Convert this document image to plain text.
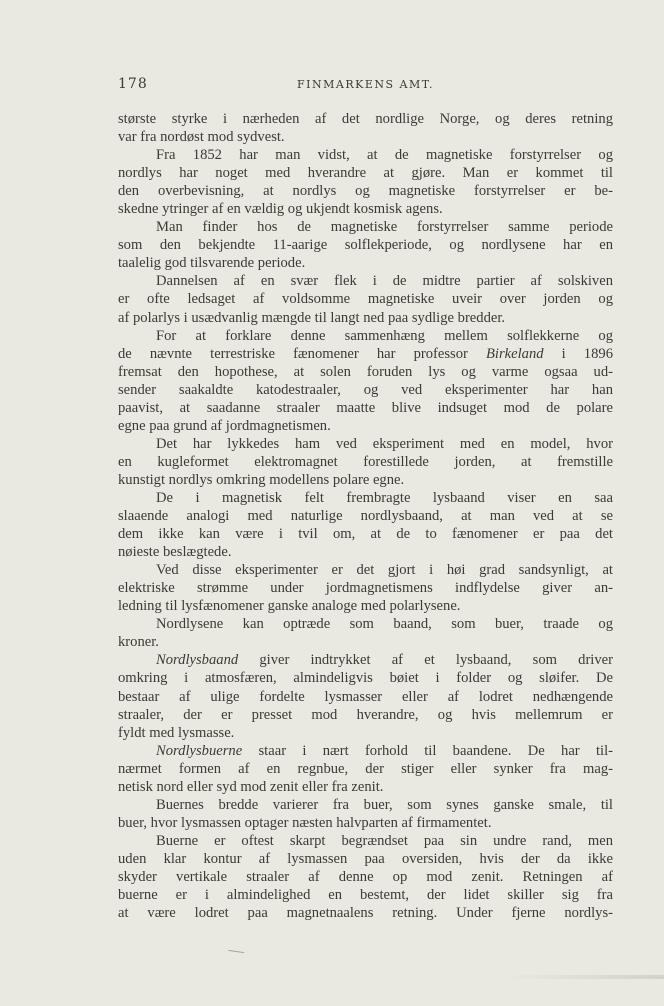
178	FINMARKENS AMT.
største styrke i nærheden af det nordlige Norge, og deres retning
var fra nordøst mod sydvest.
Fra 1852 har man vidst, at de magnetiske forstyrrelser og
nordlys har noget med hverandre at gjøre. Man er kommet til
den overbevisning, at nordlys og magnetiske forstyrrelser er be-
skedne ytringer af en vældig og ukjendt kosmisk agens.
Man finder hos de magnetiske forstyrrelser samme periode
som den bekjendte 11-aarige solflekperiode, og nordlysene har en
taalelig god tilsvarende periode.
Dannelsen af en svær flek i de midtre partier af solskiven
er ofte ledsaget af voldsomme magnetiske uveir over jorden og
af polarlys i usædvanlig mængde til langt ned paa sydlige bredder.
For at forklare denne sammenhæng mellem solflekkerne og
de nævnte terrestriske fænomener har professor Birkeland i 1896
fremsat den hopothese, at solen foruden lys og varme ogsaa ud-
sender saakaldte katodestraaler, og ved eksperimenter har han
paavist, at saadanne straaler maatte blive indsuget mod de polare
egne paa grund af jordmagnetismen.
Det har lykkedes ham ved eksperiment med en model, hvor
en kugleformet elektromagnet forestillede jorden, at fremstille
kunstigt nordlys omkring modellens polare egne.
De i magnetisk felt frembragte lysbaand viser en saa
slaaende analogi med naturlige nordlysbaand, at man ved at se
dem ikke kan være i tvil om, at de to fænomener er paa det
nøieste beslægtede.
Ved disse eksperimenter er det gjort i høi grad sandsynligt, at
elektriske strømme under jordmagnetismens indflydelse giver an-
ledning til lysfænomener ganske analoge med polarlysene.
Nordlysene kan optræde som baand, som buer, traade og
kroner.
Nordlysbaand giver indtrykket af et lysbaand, som driver
omkring i atmosfæren, almindeligvis bøiet i folder og sløifer. De
bestaar af ulige fordelte lysmasser eller af lodret nedhængende
straaler, der er presset mod hverandre, og hvis mellemrum er
fyldt med lysmasse.
Nordlysbuerne staar i nært forhold til baandene. De har til-
nærmet formen af en regnbue, der stiger eller synker fra mag-
netisk nord eller syd mod zenit eller fra zenit.
Buernes bredde varierer fra buer, som synes ganske smale, til
buer, hvor lysmassen optager næsten halvparten af firmamentet.
Buerne er oftest skarpt begrændset paa sin undre rand, men
uden klar kontur af lysmassen paa oversiden, hvis der da ikke
skyder vertikale straaler af denne op mod zenit. Retningen af
buerne er i almindelighed en bestemt, der lidet skiller sig fra
at være lodret paa magnetnaalens retning. Under fjerne nordlys-
